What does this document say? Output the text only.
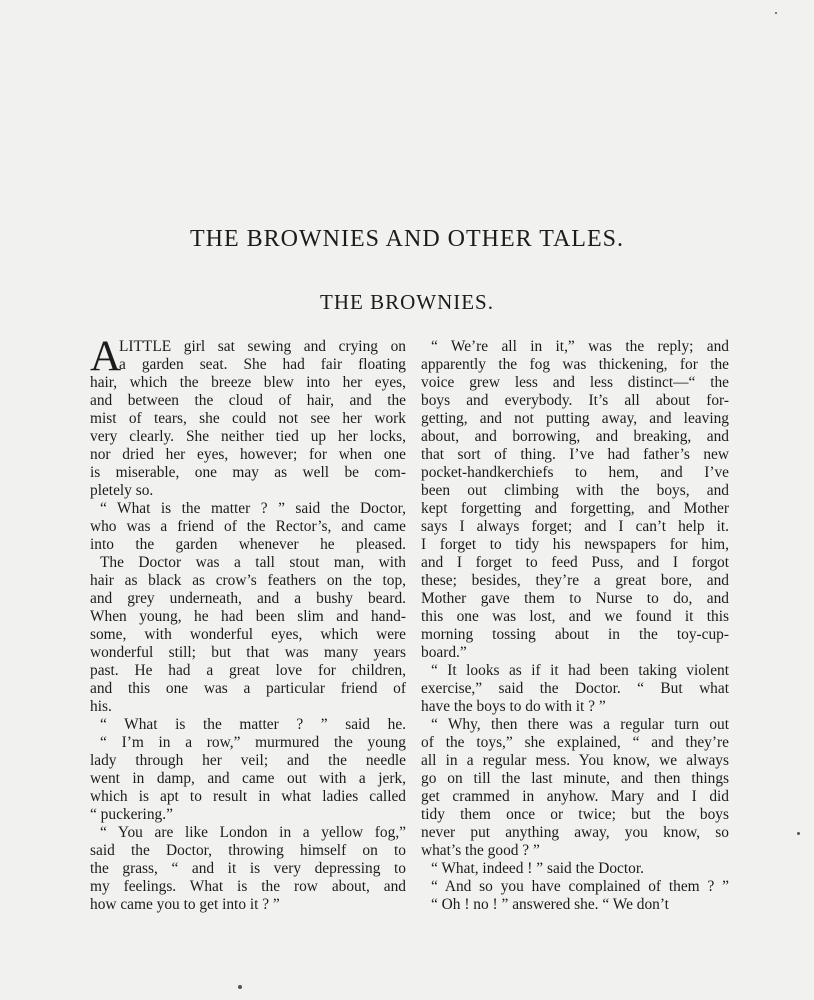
THE BROWNIES AND OTHER TALES.
THE BROWNIES.
A
LITTLE girl sat sewing and crying on
a garden seat. She had fair floating
hair, which the breeze blew into her eyes,
and between the cloud of hair, and the
mist of tears, she could not see her work
very clearly. She neither tied up her locks,
nor dried her eyes, however; for when one
is miserable, one may as well be com-
pletely so.
“ What is the matter ? ” said the Doctor,
who was a friend of the Rector’s, and came
into the garden whenever he pleased.
The Doctor was a tall stout man, with
hair as black as crow’s feathers on the top,
and grey underneath, and a bushy beard.
When young, he had been slim and hand-
some, with wonderful eyes, which were
wonderful still; but that was many years
past. He had a great love for children,
and this one was a particular friend of
his.
“ What is the matter ? ” said he.
“ I’m in a row,” murmured the young
lady through her veil; and the needle
went in damp, and came out with a jerk,
which is apt to result in what ladies called
“ puckering.”
“ You are like London in a yellow fog,”
said the Doctor, throwing himself on to
the grass, “ and it is very depressing to
my feelings. What is the row about, and
how came you to get into it ? ”
“ We’re all in it,” was the reply; and
apparently the fog was thickening, for the
voice grew less and less distinct—“ the
boys and everybody. It’s all about for-
getting, and not putting away, and leaving
about, and borrowing, and breaking, and
that sort of thing. I’ve had father’s new
pocket-handkerchiefs to hem, and I’ve
been out climbing with the boys, and
kept forgetting and forgetting, and Mother
says I always forget; and I can’t help it.
I forget to tidy his newspapers for him,
and I forget to feed Puss, and I forgot
these; besides, they’re a great bore, and
Mother gave them to Nurse to do, and
this one was lost, and we found it this
morning tossing about in the toy-cup-
board.”
“ It looks as if it had been taking violent
exercise,” said the Doctor. “ But what
have the boys to do with it ? ”
“ Why, then there was a regular turn out
of the toys,” she explained, “ and they’re
all in a regular mess. You know, we always
go on till the last minute, and then things
get crammed in anyhow. Mary and I did
tidy them once or twice; but the boys
never put anything away, you know, so
what’s the good ? ”
“ What, indeed ! ” said the Doctor.
“ And so you have complained of them ? ”
“ Oh ! no ! ” answered she. “ We don’t
